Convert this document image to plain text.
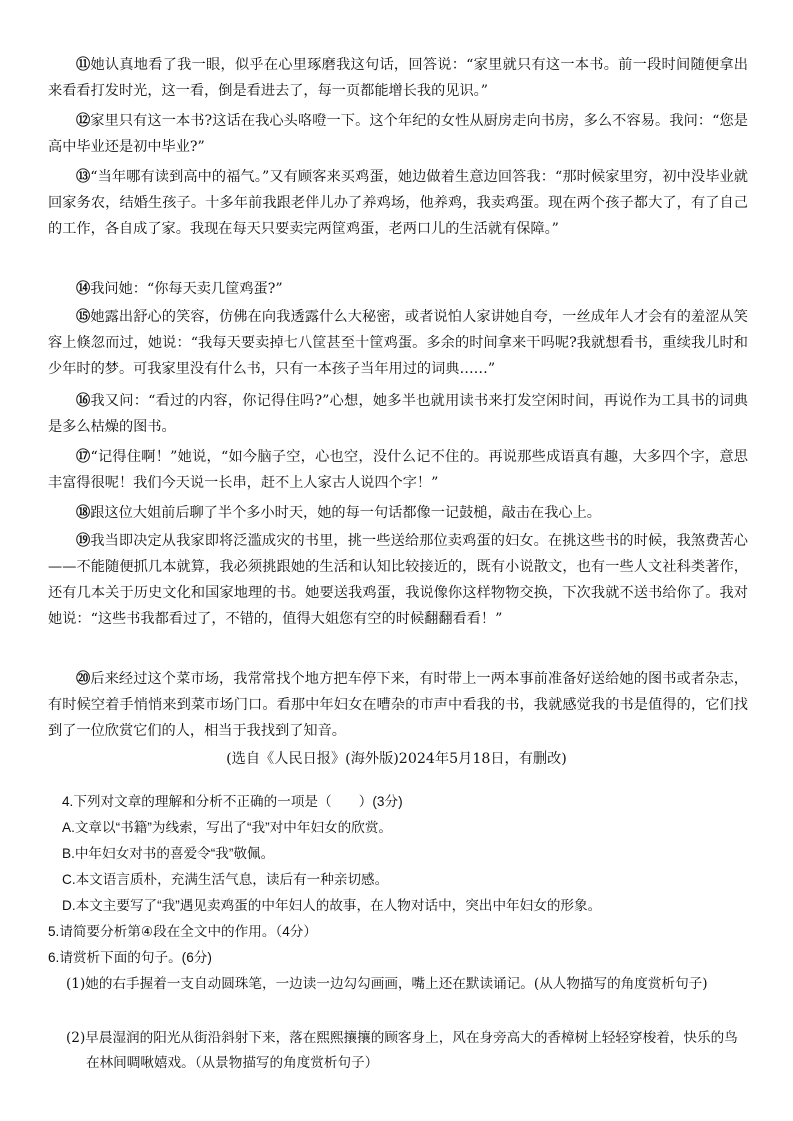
⑪她认真地看了我一眼，似乎在心里琢磨我这句话，回答说：“家里就只有这一本书。前一段时间随便拿出来看看打发时光，这一看，倒是看进去了，每一页都能增长我的见识。”

⑫家里只有这一本书?这话在我心头咯噔一下。这个年纪的女性从厨房走向书房，多么不容易。我问：“您是高中毕业还是初中毕业?”

⑬“当年哪有读到高中的福气。”又有顾客来买鸡蛋，她边做着生意边回答我：“那时候家里穷，初中没毕业就回家务农，结婚生孩子。十多年前我跟老伴儿办了养鸡场，他养鸡，我卖鸡蛋。现在两个孩子都大了，有了自己的工作，各自成了家。我现在每天只要卖完两筐鸡蛋，老两口儿的生活就有保障。”

⑭我问她：“你每天卖几筐鸡蛋?”

⑮她露出舒心的笑容，仿佛在向我透露什么大秘密，或者说怕人家讲她自夸，一丝成年人才会有的羞涩从笑容上倏忽而过，她说：“我每天要卖掉七八筐甚至十筐鸡蛋。多余的时间拿来干吗呢?我就想看书，重续我儿时和少年时的梦。可我家里没有什么书，只有一本孩子当年用过的词典……”

⑯我又问：“看过的内容，你记得住吗?”心想，她多半也就用读书来打发空闲时间，再说作为工具书的词典是多么枯燥的图书。

⑰“记得住啊！”她说，“如今脑子空，心也空，没什么记不住的。再说那些成语真有趣，大多四个字，意思丰富得很呢！我们今天说一长串，赶不上人家古人说四个字！”

⑱跟这位大姐前后聊了半个多小时天，她的每一句话都像一记鼓槌，敲击在我心上。

⑲我当即决定从我家即将泛滥成灾的书里，挑一些送给那位卖鸡蛋的妇女。在挑这些书的时候，我煞费苦心——不能随便抓几本就算，我必须挑跟她的生活和认知比较接近的，既有小说散文，也有一些人文社科类著作，还有几本关于历史文化和国家地理的书。她要送我鸡蛋，我说像你这样物物交换，下次我就不送书给你了。我对她说：“这些书我都看过了，不错的，值得大姐您有空的时候翻翻看看！”

⑳后来经过这个菜市场，我常常找个地方把车停下来，有时带上一两本事前准备好送给她的图书或者杂志，有时候空着手悄悄来到菜市场门口。看那中年妇女在嘈杂的市声中看我的书，我就感觉我的书是值得的，它们找到了一位欣赏它们的人，相当于我找到了知音。

(选自《人民日报》(海外版)2024年5月18日，有删改)

4.下列对文章的理解和分析不正确的一项是（　　）(3分)

A.文章以“书籍”为线索，写出了“我”对中年妇女的欣赏。

B.中年妇女对书的喜爱令“我”敬佩。

C.本文语言质朴，充满生活气息，读后有一种亲切感。

D.本文主要写了“我”遇见卖鸡蛋的中年妇人的故事，在人物对话中，突出中年妇女的形象。

5.请简要分析第④段在全文中的作用。（4分）

6.请赏析下面的句子。(6分)

(1)她的右手握着一支自动圆珠笔，一边读一边勾勾画画，嘴上还在默读诵记。(从人物描写的角度赏析句子)
(2)早晨湿润的阳光从街沿斜射下来，落在熙熙攘攘的顾客身上，风在身旁高大的香樟树上轻轻穿梭着，快乐的鸟在林间啁啾嬉戏。（从景物描写的角度赏析句子）
